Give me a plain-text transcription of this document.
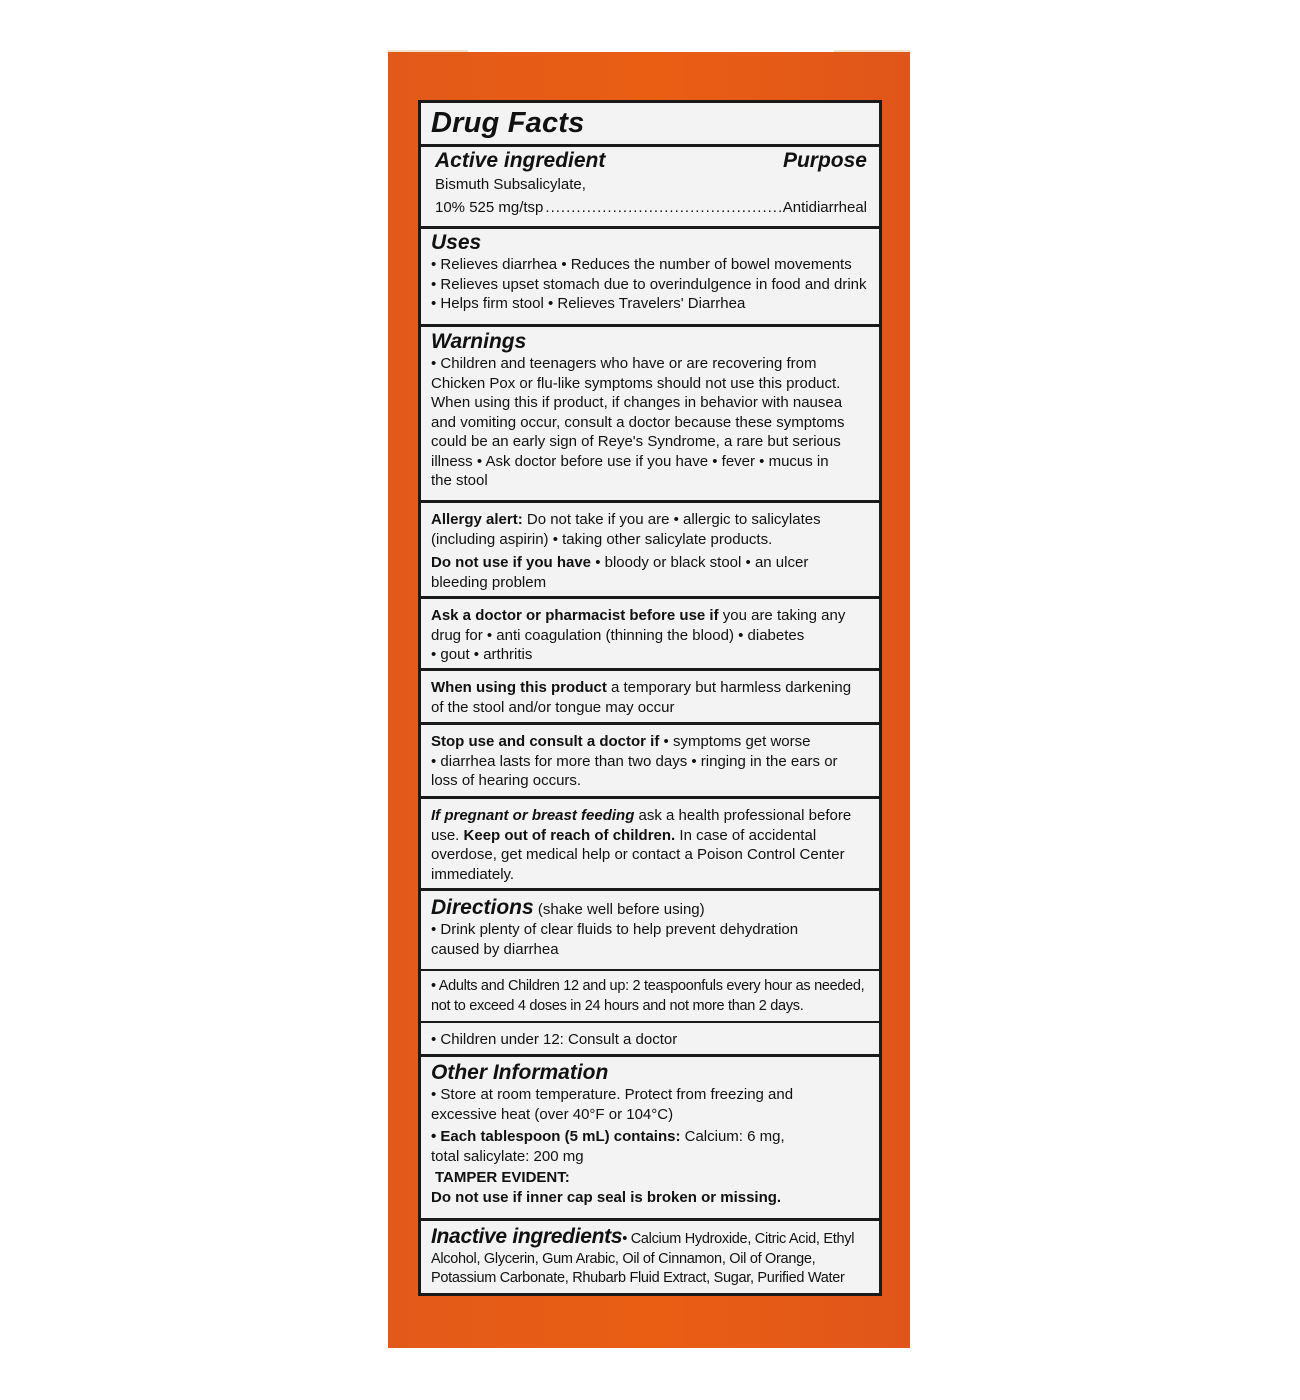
Drug Facts
Active ingredient	Purpose
Bismuth Subsalicylate,
10% 525 mg/tsp
.....	Antidiarrheal
Uses
• Relieves diarrhea • Reduces the number of bowel movements
• Relieves upset stomach due to overindulgence in food and drink
• Helps firm stool • Relieves Travelers' Diarrhea
Warnings
• Children and teenagers who have or are recovering from
Chicken Pox or flu-like symptoms should not use this product.
When using this if product, if changes in behavior with nausea
and vomiting occur, consult a doctor because these symptoms
could be an early sign of Reye's Syndrome, a rare but serious
illness • Ask doctor before use if you have • fever • mucus in
the stool
Allergy alert: Do not take if you are • allergic to salicylates
(including aspirin) • taking other salicylate products.
Do not use if you have • bloody or black stool • an ulcer
bleeding problem
Ask a doctor or pharmacist before use if you are taking any
drug for • anti coagulation (thinning the blood) • diabetes
• gout • arthritis
When using this product a temporary but harmless darkening
of the stool and/or tongue may occur
Stop use and consult a doctor if • symptoms get worse
• diarrhea lasts for more than two days • ringing in the ears or
loss of hearing occurs.
If pregnant or breast feeding ask a health professional before
use. Keep out of reach of children. In case of accidental
overdose, get medical help or contact a Poison Control Center
immediately.
Directions (shake well before using)
• Drink plenty of clear fluids to help prevent dehydration
caused by diarrhea
• Adults and Children 12 and up: 2 teaspoonfuls every hour as needed,
not to exceed 4 doses in 24 hours and not more than 2 days.
• Children under 12: Consult a doctor
Other Information
• Store at room temperature. Protect from freezing and
excessive heat (over 40°F or 104°C)
• Each tablespoon (5 mL) contains: Calcium: 6 mg,
total salicylate: 200 mg
TAMPER EVIDENT:
Do not use if inner cap seal is broken or missing.
Inactive ingredients• Calcium Hydroxide, Citric Acid, Ethyl
Alcohol, Glycerin, Gum Arabic, Oil of Cinnamon, Oil of Orange,
Potassium Carbonate, Rhubarb Fluid Extract, Sugar, Purified Water
